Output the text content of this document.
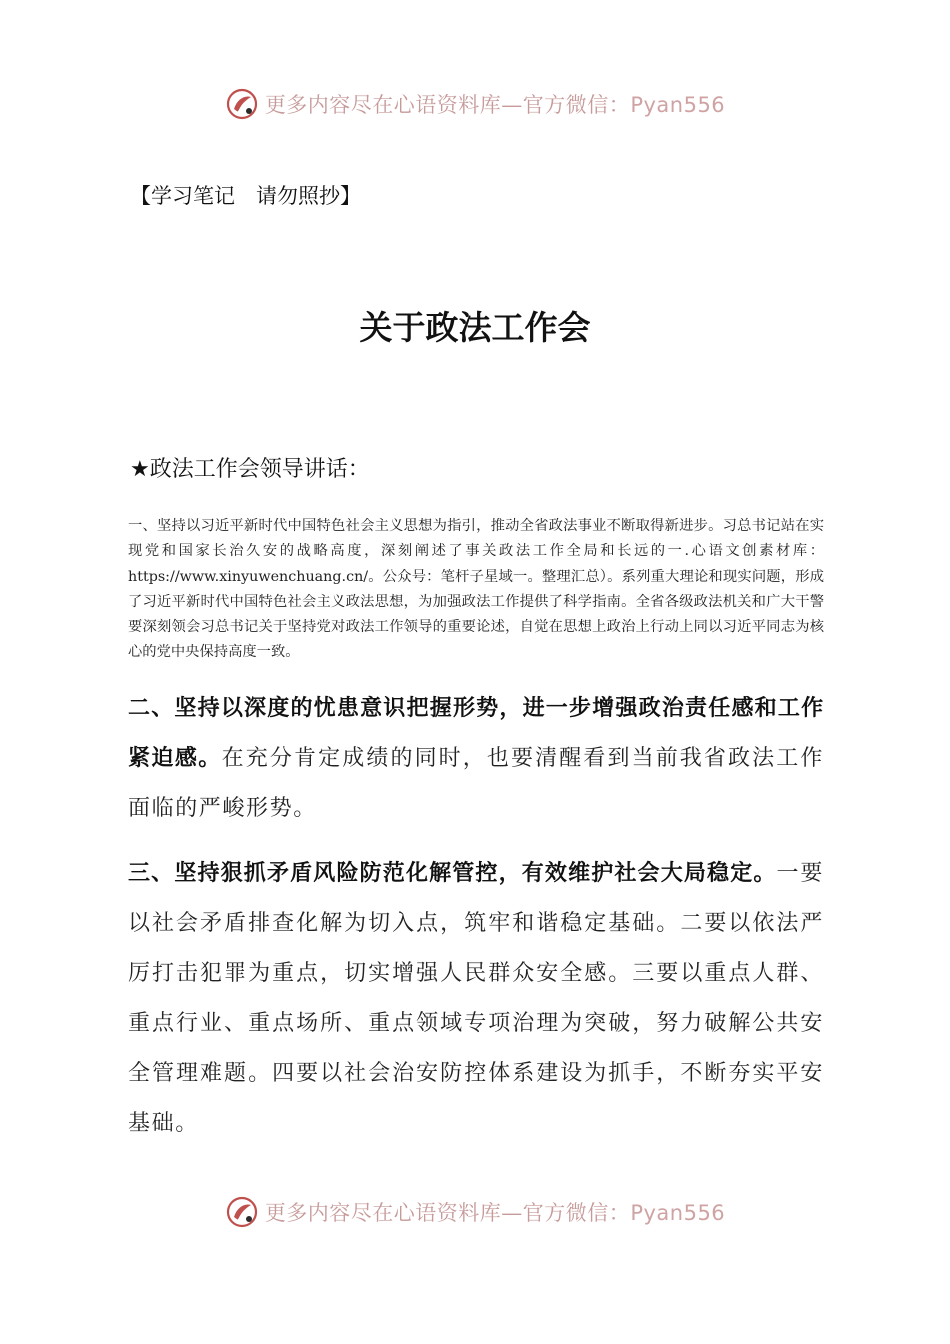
更多内容尽在心语资料库—官方微信：Pyan556
【学习笔记　请勿照抄】
关于政法工作会
★政法工作会领导讲话：

一、坚持以习近平新时代中国特色社会主义思想为指引，推动全省政法事业不断取得新进步。习总书记站在实现党和国家长治久安的战略高度，深刻阐述了事关政法工作全局和长远的一.心语文创素材库：https://www.xinyuwenchuang.cn/。公众号：笔杆子星域一。整理汇总）。系列重大理论和现实问题，形成了习近平新时代中国特色社会主义政法思想，为加强政法工作提供了科学指南。全省各级政法机关和广大干警要深刻领会习总书记关于坚持党对政法工作领导的重要论述，自觉在思想上政治上行动上同以习近平同志为核心的党中央保持高度一致。

二、坚持以深度的忧患意识把握形势，进一步增强政治责任感和工作紧迫感。在充分肯定成绩的同时，也要清醒看到当前我省政法工作面临的严峻形势。

三、坚持狠抓矛盾风险防范化解管控，有效维护社会大局稳定。一要以社会矛盾排查化解为切入点，筑牢和谐稳定基础。二要以依法严厉打击犯罪为重点，切实增强人民群众安全感。三要以重点人群、重点行业、重点场所、重点领域专项治理为突破，努力破解公共安全管理难题。四要以社会治安防控体系建设为抓手，不断夯实平安基础。

更多内容尽在心语资料库—官方微信：Pyan556
